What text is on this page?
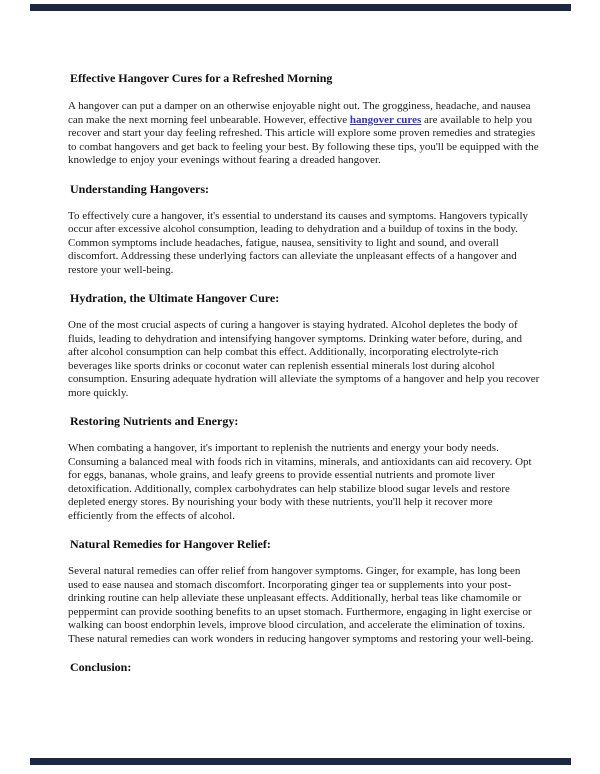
Effective Hangover Cures for a Refreshed Morning

A hangover can put a damper on an otherwise enjoyable night out. The grogginess, headache, and nausea can make the next morning feel unbearable. However, effective hangover cures are available to help you recover and start your day feeling refreshed. This article will explore some proven remedies and strategies to combat hangovers and get back to feeling your best. By following these tips, you'll be equipped with the knowledge to enjoy your evenings without fearing a dreaded hangover.

Understanding Hangovers:

To effectively cure a hangover, it's essential to understand its causes and symptoms. Hangovers typically occur after excessive alcohol consumption, leading to dehydration and a buildup of toxins in the body. Common symptoms include headaches, fatigue, nausea, sensitivity to light and sound, and overall discomfort. Addressing these underlying factors can alleviate the unpleasant effects of a hangover and restore your well-being.

Hydration, the Ultimate Hangover Cure:

One of the most crucial aspects of curing a hangover is staying hydrated. Alcohol depletes the body of fluids, leading to dehydration and intensifying hangover symptoms. Drinking water before, during, and after alcohol consumption can help combat this effect. Additionally, incorporating electrolyte-rich beverages like sports drinks or coconut water can replenish essential minerals lost during alcohol consumption. Ensuring adequate hydration will alleviate the symptoms of a hangover and help you recover more quickly.

Restoring Nutrients and Energy:

When combating a hangover, it's important to replenish the nutrients and energy your body needs. Consuming a balanced meal with foods rich in vitamins, minerals, and antioxidants can aid recovery. Opt for eggs, bananas, whole grains, and leafy greens to provide essential nutrients and promote liver detoxification. Additionally, complex carbohydrates can help stabilize blood sugar levels and restore depleted energy stores. By nourishing your body with these nutrients, you'll help it recover more efficiently from the effects of alcohol.

Natural Remedies for Hangover Relief:

Several natural remedies can offer relief from hangover symptoms. Ginger, for example, has long been used to ease nausea and stomach discomfort. Incorporating ginger tea or supplements into your post-drinking routine can help alleviate these unpleasant effects. Additionally, herbal teas like chamomile or peppermint can provide soothing benefits to an upset stomach. Furthermore, engaging in light exercise or walking can boost endorphin levels, improve blood circulation, and accelerate the elimination of toxins. These natural remedies can work wonders in reducing hangover symptoms and restoring your well-being.

Conclusion:
